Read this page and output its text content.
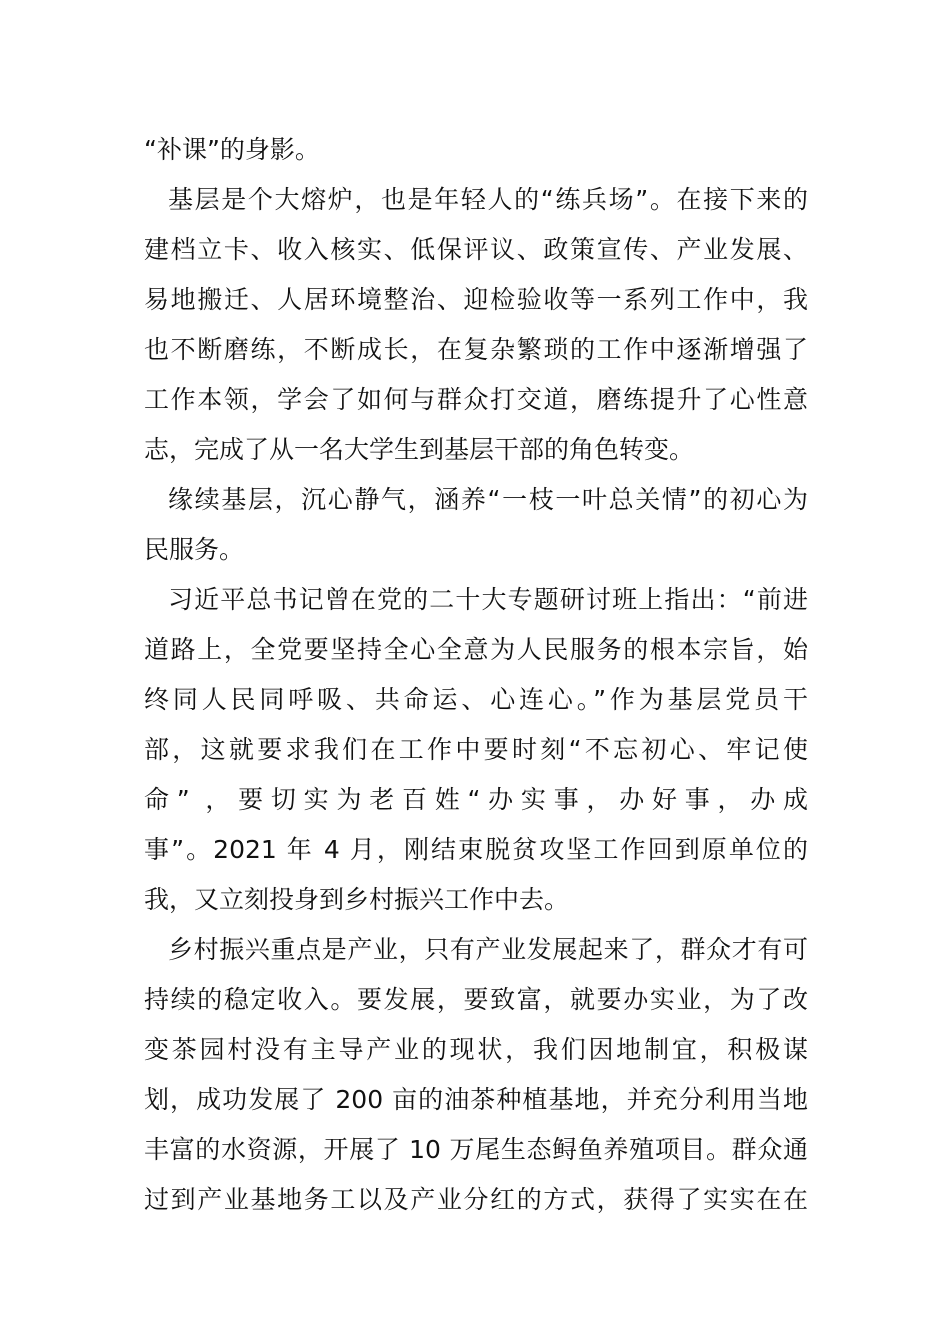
“补课”的身影。
基层是个大熔炉，也是年轻人的“练兵场”。在接下来的
建档立卡、收入核实、低保评议、政策宣传、产业发展、
易地搬迁、人居环境整治、迎检验收等一系列工作中，我
也不断磨练，不断成长，在复杂繁琐的工作中逐渐增强了
工作本领，学会了如何与群众打交道，磨练提升了心性意
志，完成了从一名大学生到基层干部的角色转变。
缘续基层，沉心静气，涵养“一枝一叶总关情”的初心为
民服务。
习近平总书记曾在党的二十大专题研讨班上指出：“前进
道路上，全党要坚持全心全意为人民服务的根本宗旨，始
终同人民同呼吸、共命运、心连心。”作为基层党员干
部，这就要求我们在工作中要时刻“不忘初心、牢记使
命” ，要切实为老百姓“办实事，办好事，办成
事”。2021 年 4 月，刚结束脱贫攻坚工作回到原单位的
我，又立刻投身到乡村振兴工作中去。
乡村振兴重点是产业，只有产业发展起来了，群众才有可
持续的稳定收入。要发展，要致富，就要办实业，为了改
变茶园村没有主导产业的现状，我们因地制宜，积极谋
划，成功发展了 200 亩的油茶种植基地，并充分利用当地
丰富的水资源，开展了 10 万尾生态鲟鱼养殖项目。群众通
过到产业基地务工以及产业分红的方式，获得了实实在在
